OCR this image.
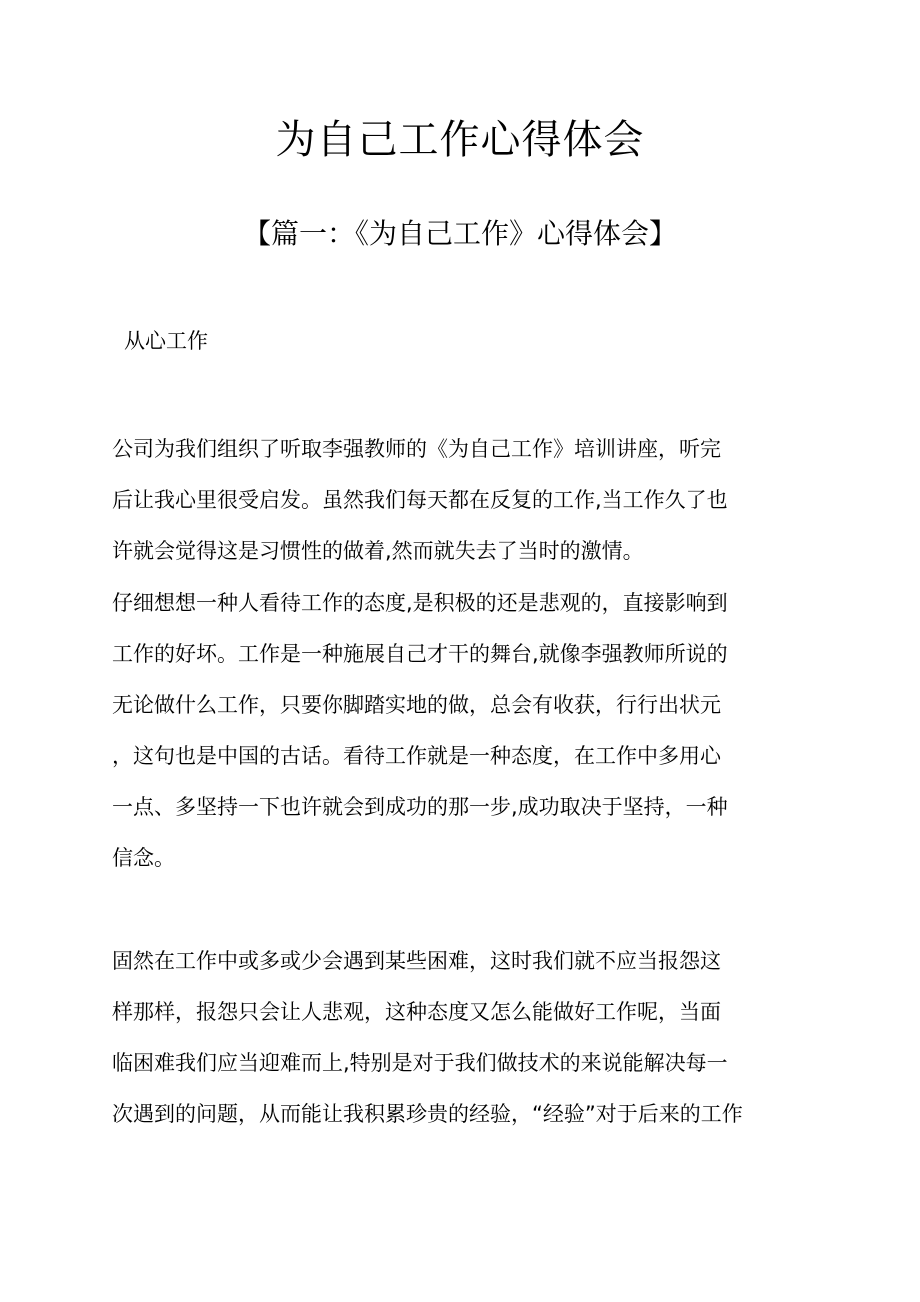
为自己工作心得体会
【篇一：《为自己工作》心得体会】
从心工作
公司为我们组织了听取李强教师的《为自己工作》培训讲座，听完
后让我心里很受启发。虽然我们每天都在反复的工作,当工作久了也
许就会觉得这是习惯性的做着,然而就失去了当时的激情。
仔细想想一种人看待工作的态度,是积极的还是悲观的，直接影响到
工作的好坏。工作是一种施展自己才干的舞台,就像李强教师所说的
无论做什么工作，只要你脚踏实地的做，总会有收获，行行出状元
，这句也是中国的古话。看待工作就是一种态度，在工作中多用心
一点、多坚持一下也许就会到成功的那一步,成功取决于坚持，一种
信念。
固然在工作中或多或少会遇到某些困难，这时我们就不应当报怨这
样那样，报怨只会让人悲观，这种态度又怎么能做好工作呢，当面
临困难我们应当迎难而上,特别是对于我们做技术的来说能解决每一
次遇到的问题，从而能让我积累珍贵的经验，“经验”对于后来的工作
